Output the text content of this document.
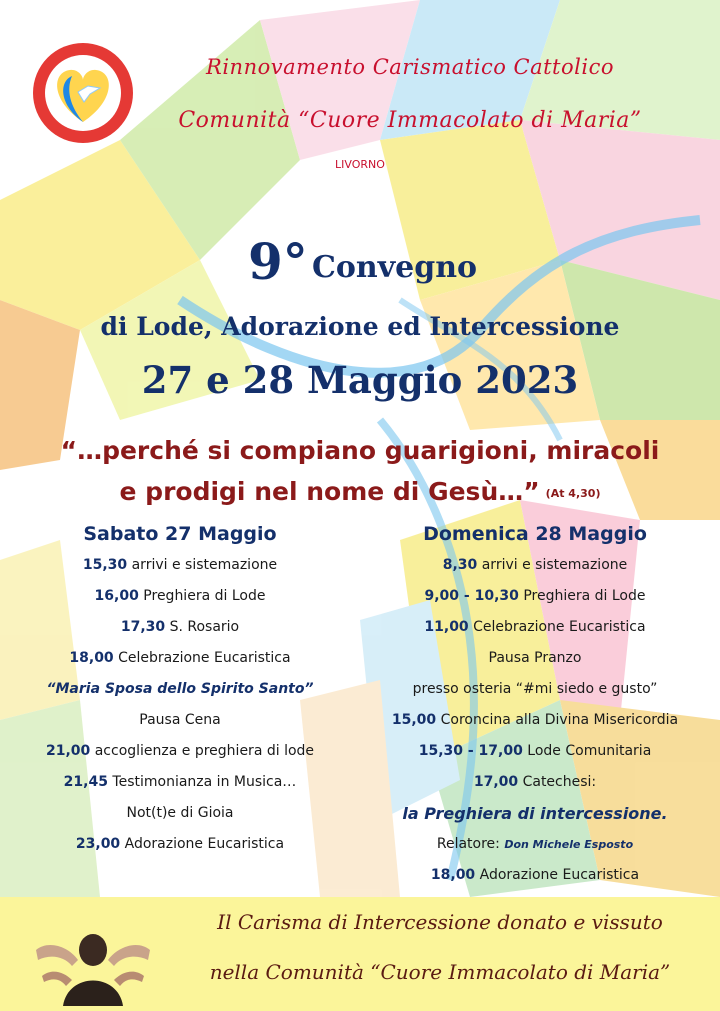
Rinnovamento Carismatico Cattolico
Comunità “Cuore Immacolato di Maria”
LIVORNO
9° Convegno
di Lode, Adorazione ed Intercessione
27 e 28 Maggio 2023
“…perché si compiano guarigioni, miracoli
e prodigi nel nome di Gesù…” (At 4,30)
Sabato 27 Maggio
15,30 arrivi e sistemazione
16,00 Preghiera di Lode
17,30 S. Rosario
18,00 Celebrazione Eucaristica
“Maria Sposa dello Spirito Santo”
Pausa Cena
21,00 accoglienza e preghiera di lode
21,45 Testimonianza in Musica…
Not(t)e di Gioia
23,00 Adorazione Eucaristica
Domenica 28 Maggio
8,30 arrivi e sistemazione
9,00 - 10,30 Preghiera di Lode
11,00 Celebrazione Eucaristica
Pausa Pranzo
presso osteria “#mi siedo e gusto”
15,00 Coroncina alla Divina Misericordia
15,30 - 17,00 Lode Comunitaria
17,00 Catechesi:
la Preghiera di intercessione.
Relatore: Don Michele Esposto
18,00 Adorazione Eucaristica
Il Carisma di Intercessione donato e vissuto
nella Comunità “Cuore Immacolato di Maria”
